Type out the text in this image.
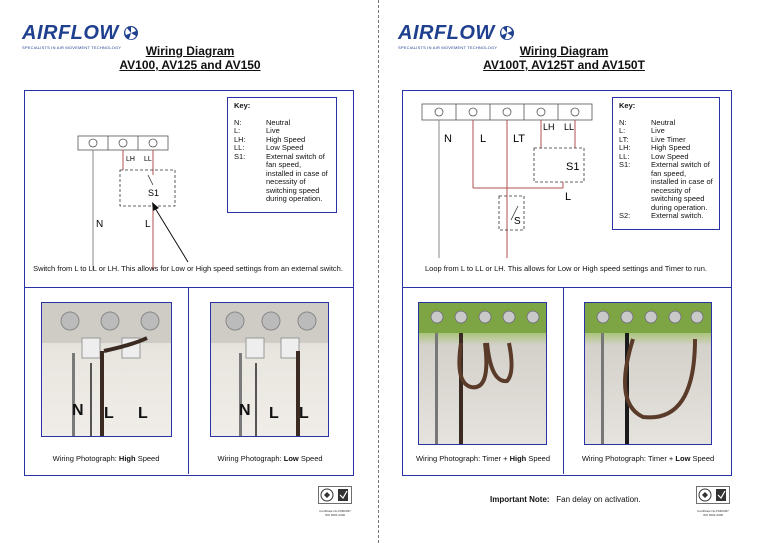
AIRFLOW
SPECIALISTS IN AIR MOVEMENT TECHNOLOGY	Wiring Diagram
AV100, AV125 and AV150
Key:
N:	Neutral
L:	Live
LH:	High Speed
LL:	Low Speed
S1:	External switch of fan speed, installed in case of necessity of switching speed during operation.
N	L
LH LL
S1
Switch from L to LL or LH. This allows for Low or High speed settings from an external switch.
N L L	N L L
Wiring Photograph: High Speed	Wiring Photograph: Low Speed
Certificate No.FM00397 ISO 9001:2000
AIRFLOW
SPECIALISTS IN AIR MOVEMENT TECHNOLOGY	Wiring Diagram
AV100T, AV125T and AV150T
Key:
N:	Neutral
L:	Live
LT:	Live Timer
LH:	High Speed
LL:	Low Speed
S1:	External switch of fan speed, installed in case of necessity of switching speed during operation.
S2:	External switch.
N	L LT
LH LL
S1
L
S
Loop from L to LL or LH. This allows for Low or High speed settings and Timer to run.
Wiring Photograph: Timer + High Speed	Wiring Photograph: Timer + Low Speed
Important Note: Fan delay on activation.
Certificate No.FM00397 ISO 9001:2000
